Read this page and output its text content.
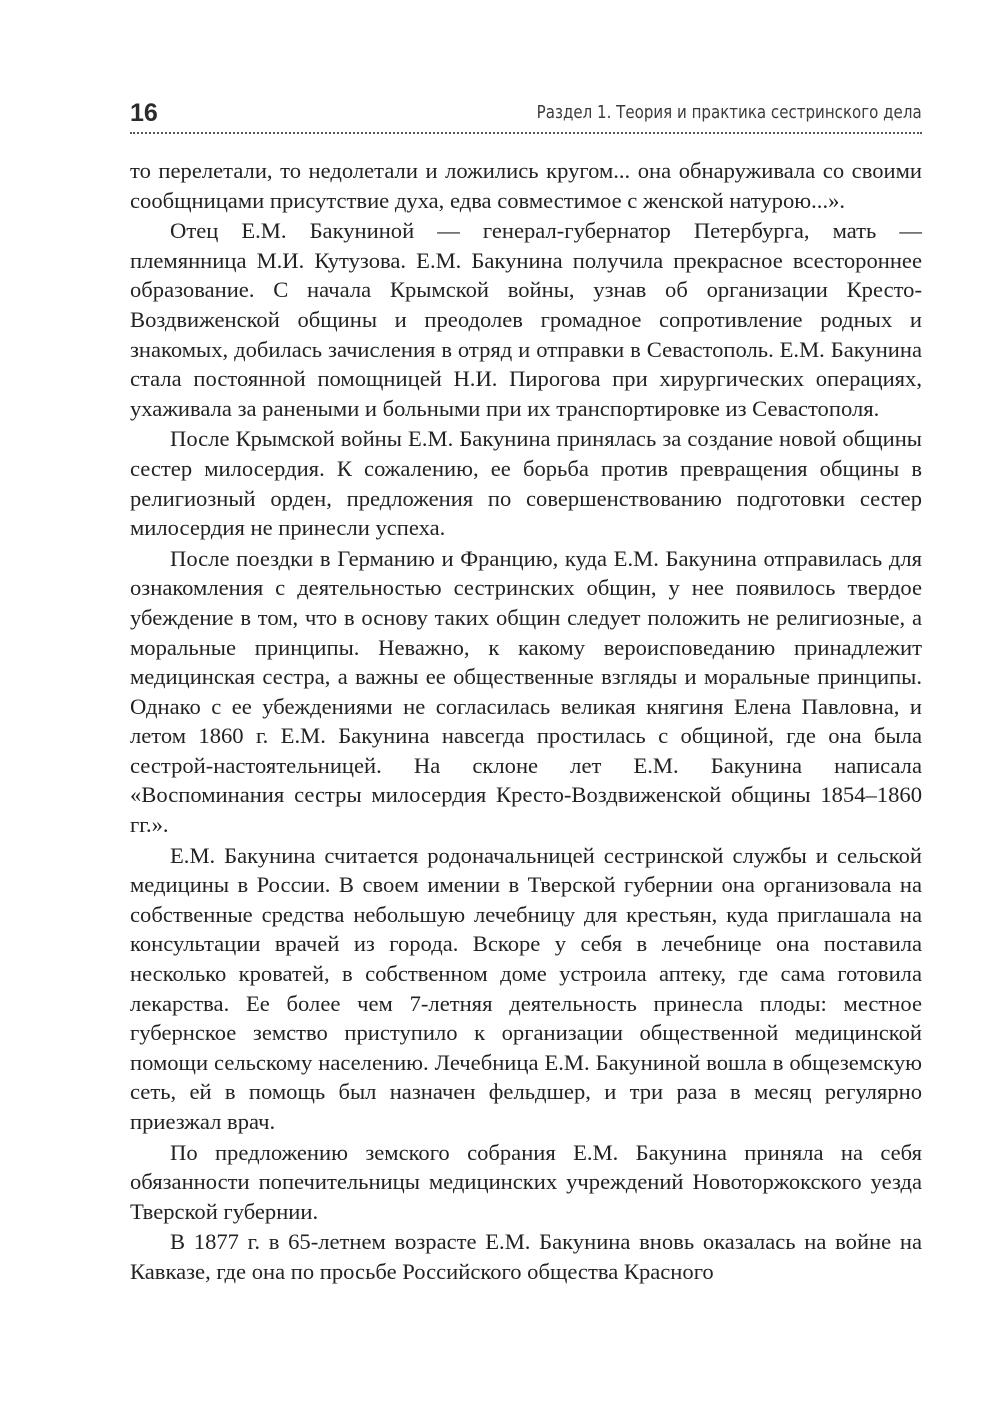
16	Раздел 1. Теория и практика сестринского дела

то перелетали, то недолетали и ложились кругом... она обнаруживала со своими сообщницами присутствие духа, едва совместимое с женской натурою...».

Отец Е.М. Бакуниной — генерал-губернатор Петербурга, мать — племянница М.И. Кутузова. Е.М. Бакунина получила прекрасное всестороннее образование. С начала Крымской войны, узнав об организации Кресто-Воздвиженской общины и преодолев громадное сопротивление родных и знакомых, добилась зачисления в отряд и отправки в Севастополь. Е.М. Бакунина стала постоянной помощницей Н.И. Пирогова при хирургических операциях, ухаживала за ранеными и больными при их транспортировке из Севастополя.

После Крымской войны Е.М. Бакунина принялась за создание новой общины сестер милосердия. К сожалению, ее борьба против превращения общины в религиозный орден, предложения по совершенствованию подготовки сестер милосердия не принесли успеха.

После поездки в Германию и Францию, куда Е.М. Бакунина отправилась для ознакомления с деятельностью сестринских общин, у нее появилось твердое убеждение в том, что в основу таких общин следует положить не религиозные, а моральные принципы. Неважно, к какому вероисповеданию принадлежит медицинская сестра, а важны ее общественные взгляды и моральные принципы. Однако с ее убеждениями не согласилась великая княгиня Елена Павловна, и летом 1860 г. Е.М. Бакунина навсегда простилась с общиной, где она была сестрой-настоятельницей. На склоне лет Е.М. Бакунина написала «Воспоминания сестры милосердия Кресто-Воздвиженской общины 1854–1860 гг.».

Е.М. Бакунина считается родоначальницей сестринской службы и сельской медицины в России. В своем имении в Тверской губернии она организовала на собственные средства небольшую лечебницу для крестьян, куда приглашала на консультации врачей из города. Вскоре у себя в лечебнице она поставила несколько кроватей, в собственном доме устроила аптеку, где сама готовила лекарства. Ее более чем 7-летняя деятельность принесла плоды: местное губернское земство приступило к организации общественной медицинской помощи сельскому населению. Лечебница Е.М. Бакуниной вошла в общеземскую сеть, ей в помощь был назначен фельдшер, и три раза в месяц регулярно приезжал врач.

По предложению земского собрания Е.М. Бакунина приняла на себя обязанности попечительницы медицинских учреждений Новоторжокского уезда Тверской губернии.

В 1877 г. в 65-летнем возрасте Е.М. Бакунина вновь оказалась на войне на Кавказе, где она по просьбе Российского общества Красного
